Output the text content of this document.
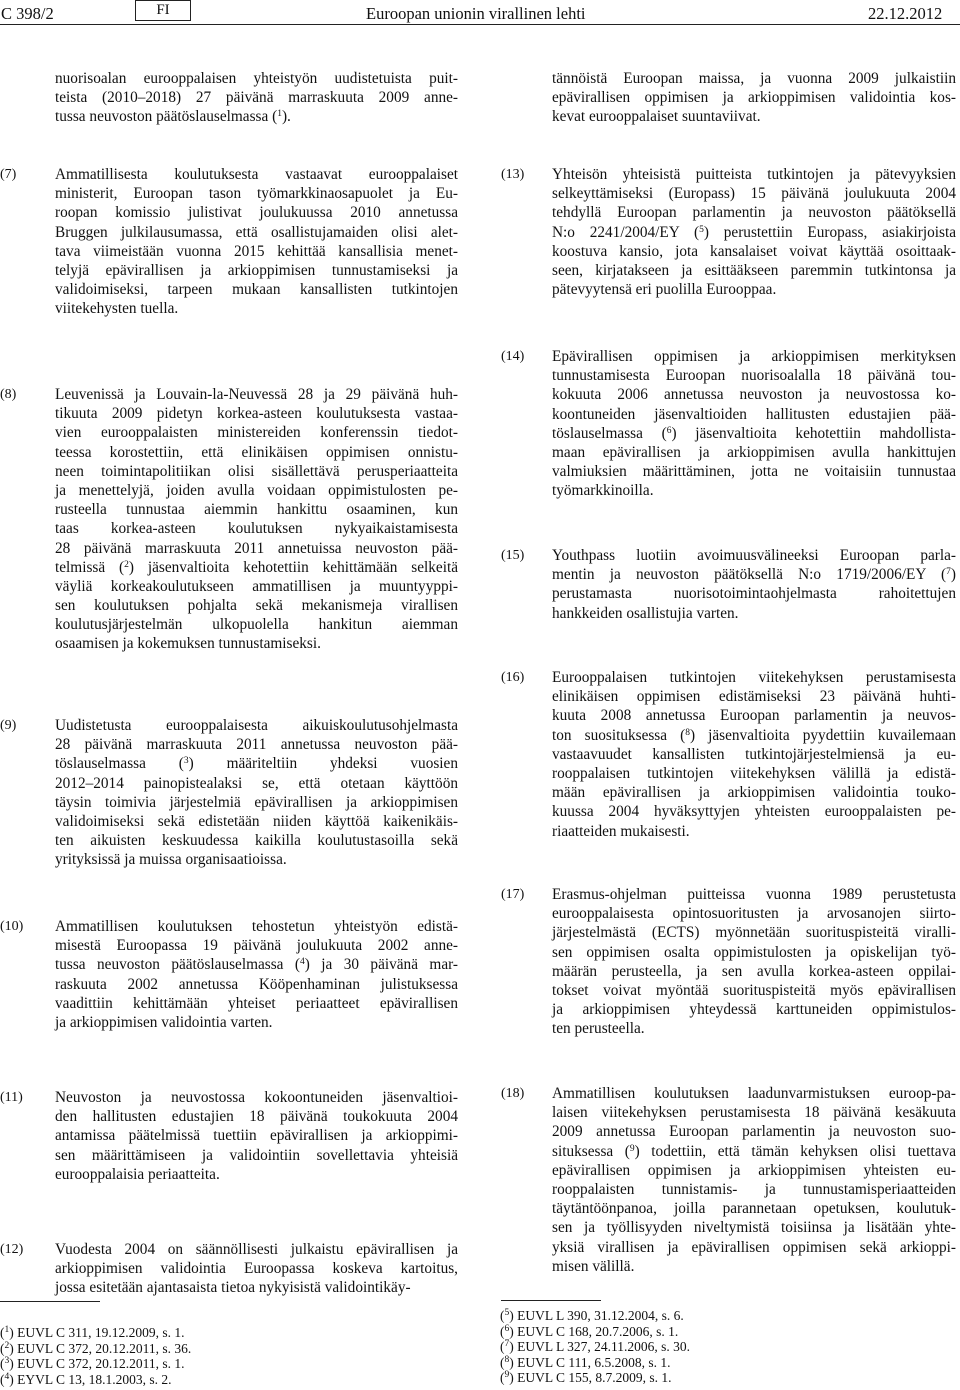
C 398/2	FI	Euroopan unionin virallinen lehti	22.12.2012
nuorisoalan eurooppalaisen yhteistyön uudistetuista puit-
teista (2010–2018) 27 päivänä marraskuuta 2009 anne-
tussa neuvoston päätöslauselmassa ($^1$).
(7)	Ammatillisesta koulutuksesta vastaavat eurooppalaiset
ministerit, Euroopan tason työmarkkinaosapuolet ja Eu-
roopan komissio julistivat joulukuussa 2010 annetussa
Bruggen julkilausumassa, että osallistujamaiden olisi alet-
tava viimeistään vuonna 2015 kehittää kansallisia menet-
telyjä epävirallisen ja arkioppimisen tunnustamiseksi ja
validoimiseksi, tarpeen mukaan kansallisten tutkintojen
viitekehysten tuella.
(8)	Leuvenissä ja Louvain-la-Neuvessä 28 ja 29 päivänä huh-
tikuuta 2009 pidetyn korkea-asteen koulutuksesta vastaa-
vien eurooppalaisten ministereiden konferenssin tiedot-
teessa korostettiin, että elinikäisen oppimisen onnistu-
neen toimintapolitiikan olisi sisällettävä perusperiaatteita
ja menettelyjä, joiden avulla voidaan oppimistulosten pe-
rusteella tunnustaa aiemmin hankittu osaaminen, kun
taas korkea-asteen koulutuksen nykyaikaistamisesta
28 päivänä marraskuuta 2011 annetuissa neuvoston pää-
telmissä ($^2$) jäsenvaltioita kehotettiin kehittämään selkeitä
väyliä korkeakoulutukseen ammatillisen ja muuntyyppi-
sen koulutuksen pohjalta sekä mekanismeja virallisen
koulutusjärjestelmän ulkopuolella hankitun aiemman
osaamisen ja kokemuksen tunnustamiseksi.
(9)	Uudistetusta eurooppalaisesta aikuiskoulutusohjelmasta
28 päivänä marraskuuta 2011 annetussa neuvoston pää-
töslauselmassa ($^3$) määriteltiin yhdeksi vuosien
2012–2014 painopistealaksi se, että otetaan käyttöön
täysin toimivia järjestelmiä epävirallisen ja arkioppimisen
validoimiseksi sekä edistetään niiden käyttöä kaikenikäis-
ten aikuisten keskuudessa kaikilla koulutustasoilla sekä
yrityksissä ja muissa organisaatioissa.
(10) Ammatillisen koulutuksen tehostetun yhteistyön edistä-
misestä Euroopassa 19 päivänä joulukuuta 2002 anne-
tussa neuvoston päätöslauselmassa ($^4$) ja 30 päivänä mar-
raskuuta 2002 annetussa Kööpenhaminan julistuksessa
vaadittiin kehittämään yhteiset periaatteet epävirallisen
ja arkioppimisen validointia varten.
(11) Neuvoston ja neuvostossa kokoontuneiden jäsenvaltioi-
den hallitusten edustajien 18 päivänä toukokuuta 2004
antamissa päätelmissä tuettiin epävirallisen ja arkioppimi-
sen määrittämiseen ja validointiin sovellettavia yhteisiä
eurooppalaisia periaatteita.
(12) Vuodesta 2004 on säännöllisesti julkaistu epävirallisen ja
arkioppimisen validointia Euroopassa koskeva kartoitus,
jossa esitetään ajantasaista tietoa nykyisistä validointikäy-
tännöistä Euroopan maissa, ja vuonna 2009 julkaistiin
epävirallisen oppimisen ja arkioppimisen validointia kos-
kevat eurooppalaiset suuntaviivat.
(13) Yhteisön yhteisistä puitteista tutkintojen ja pätevyyksien
selkeyttämiseksi (Europass) 15 päivänä joulukuuta 2004
tehdyllä Euroopan parlamentin ja neuvoston päätöksellä
N:o 2241/2004/EY ($^5$) perustettiin Europass, asiakirjoista
koostuva kansio, jota kansalaiset voivat käyttää osoittaak-
seen, kirjatakseen ja esittääkseen paremmin tutkintonsa ja
pätevyytensä eri puolilla Eurooppaa.
(14) Epävirallisen oppimisen ja arkioppimisen merkityksen
tunnustamisesta Euroopan nuorisoalalla 18 päivänä tou-
kokuuta 2006 annetussa neuvoston ja neuvostossa ko-
koontuneiden jäsenvaltioiden hallitusten edustajien pää-
töslauselmassa ($^6$) jäsenvaltioita kehotettiin mahdollista-
maan epävirallisen ja arkioppimisen avulla hankittujen
valmiuksien määrittäminen, jotta ne voitaisiin tunnustaa
työmarkkinoilla.
(15) Youthpass luotiin avoimuusvälineeksi Euroopan parla-
mentin ja neuvoston päätöksellä N:o 1719/2006/EY ($^7$)
perustamasta nuorisotoimintaohjelmasta rahoitettujen
hankkeiden osallistujia varten.
(16) Eurooppalaisen tutkintojen viitekehyksen perustamisesta
elinikäisen oppimisen edistämiseksi 23 päivänä huhti-
kuuta 2008 annetussa Euroopan parlamentin ja neuvos-
ton suosituksessa ($^8$) jäsenvaltioita pyydettiin kuvailemaan
vastaavuudet kansallisten tutkintojärjestelmiensä ja eu-
rooppalaisen tutkintojen viitekehyksen välillä ja edistä-
mään epävirallisen ja arkioppimisen validointia touko-
kuussa 2004 hyväksyttyjen yhteisten eurooppalaisten pe-
riaatteiden mukaisesti.
(17) Erasmus-ohjelman puitteissa vuonna 1989 perustetusta
eurooppalaisesta opintosuoritusten ja arvosanojen siirto-
järjestelmästä (ECTS) myönnetään suorituspisteitä viralli-
sen oppimisen osalta oppimistulosten ja opiskelijan työ-
määrän perusteella, ja sen avulla korkea-asteen oppilai-
tokset voivat myöntää suorituspisteitä myös epävirallisen
ja arkioppimisen yhteydessä karttuneiden oppimistulos-
ten perusteella.
(18) Ammatillisen koulutuksen laadunvarmistuksen euroop-pa-
laisen viitekehyksen perustamisesta 18 päivänä kesäkuuta
2009 annetussa Euroopan parlamentin ja neuvoston suo-
situksessa ($^9$) todettiin, että tämän kehyksen olisi tuettava
epävirallisen oppimisen ja arkioppimisen yhteisten eu-
rooppalaisten tunnistamis- ja tunnustamisperiaatteiden
täytäntöönpanoa, joilla parannetaan opetuksen, koulutuk-
sen ja työllisyyden niveltymistä toisiinsa ja lisätään yhte-
yksiä virallisen ja epävirallisen oppimisen sekä arkioppi-
misen välillä.
($^1$) EUVL C 311, 19.12.2009, s. 1.
($^2$) EUVL C 372, 20.12.2011, s. 36.
($^3$) EUVL C 372, 20.12.2011, s. 1.
($^4$) EYVL C 13, 18.1.2003, s. 2.
($^5$) EUVL L 390, 31.12.2004, s. 6.
($^6$) EUVL C 168, 20.7.2006, s. 1.
($^7$) EUVL L 327, 24.11.2006, s. 30.
($^8$) EUVL C 111, 6.5.2008, s. 1.
($^9$) EUVL C 155, 8.7.2009, s. 1.
